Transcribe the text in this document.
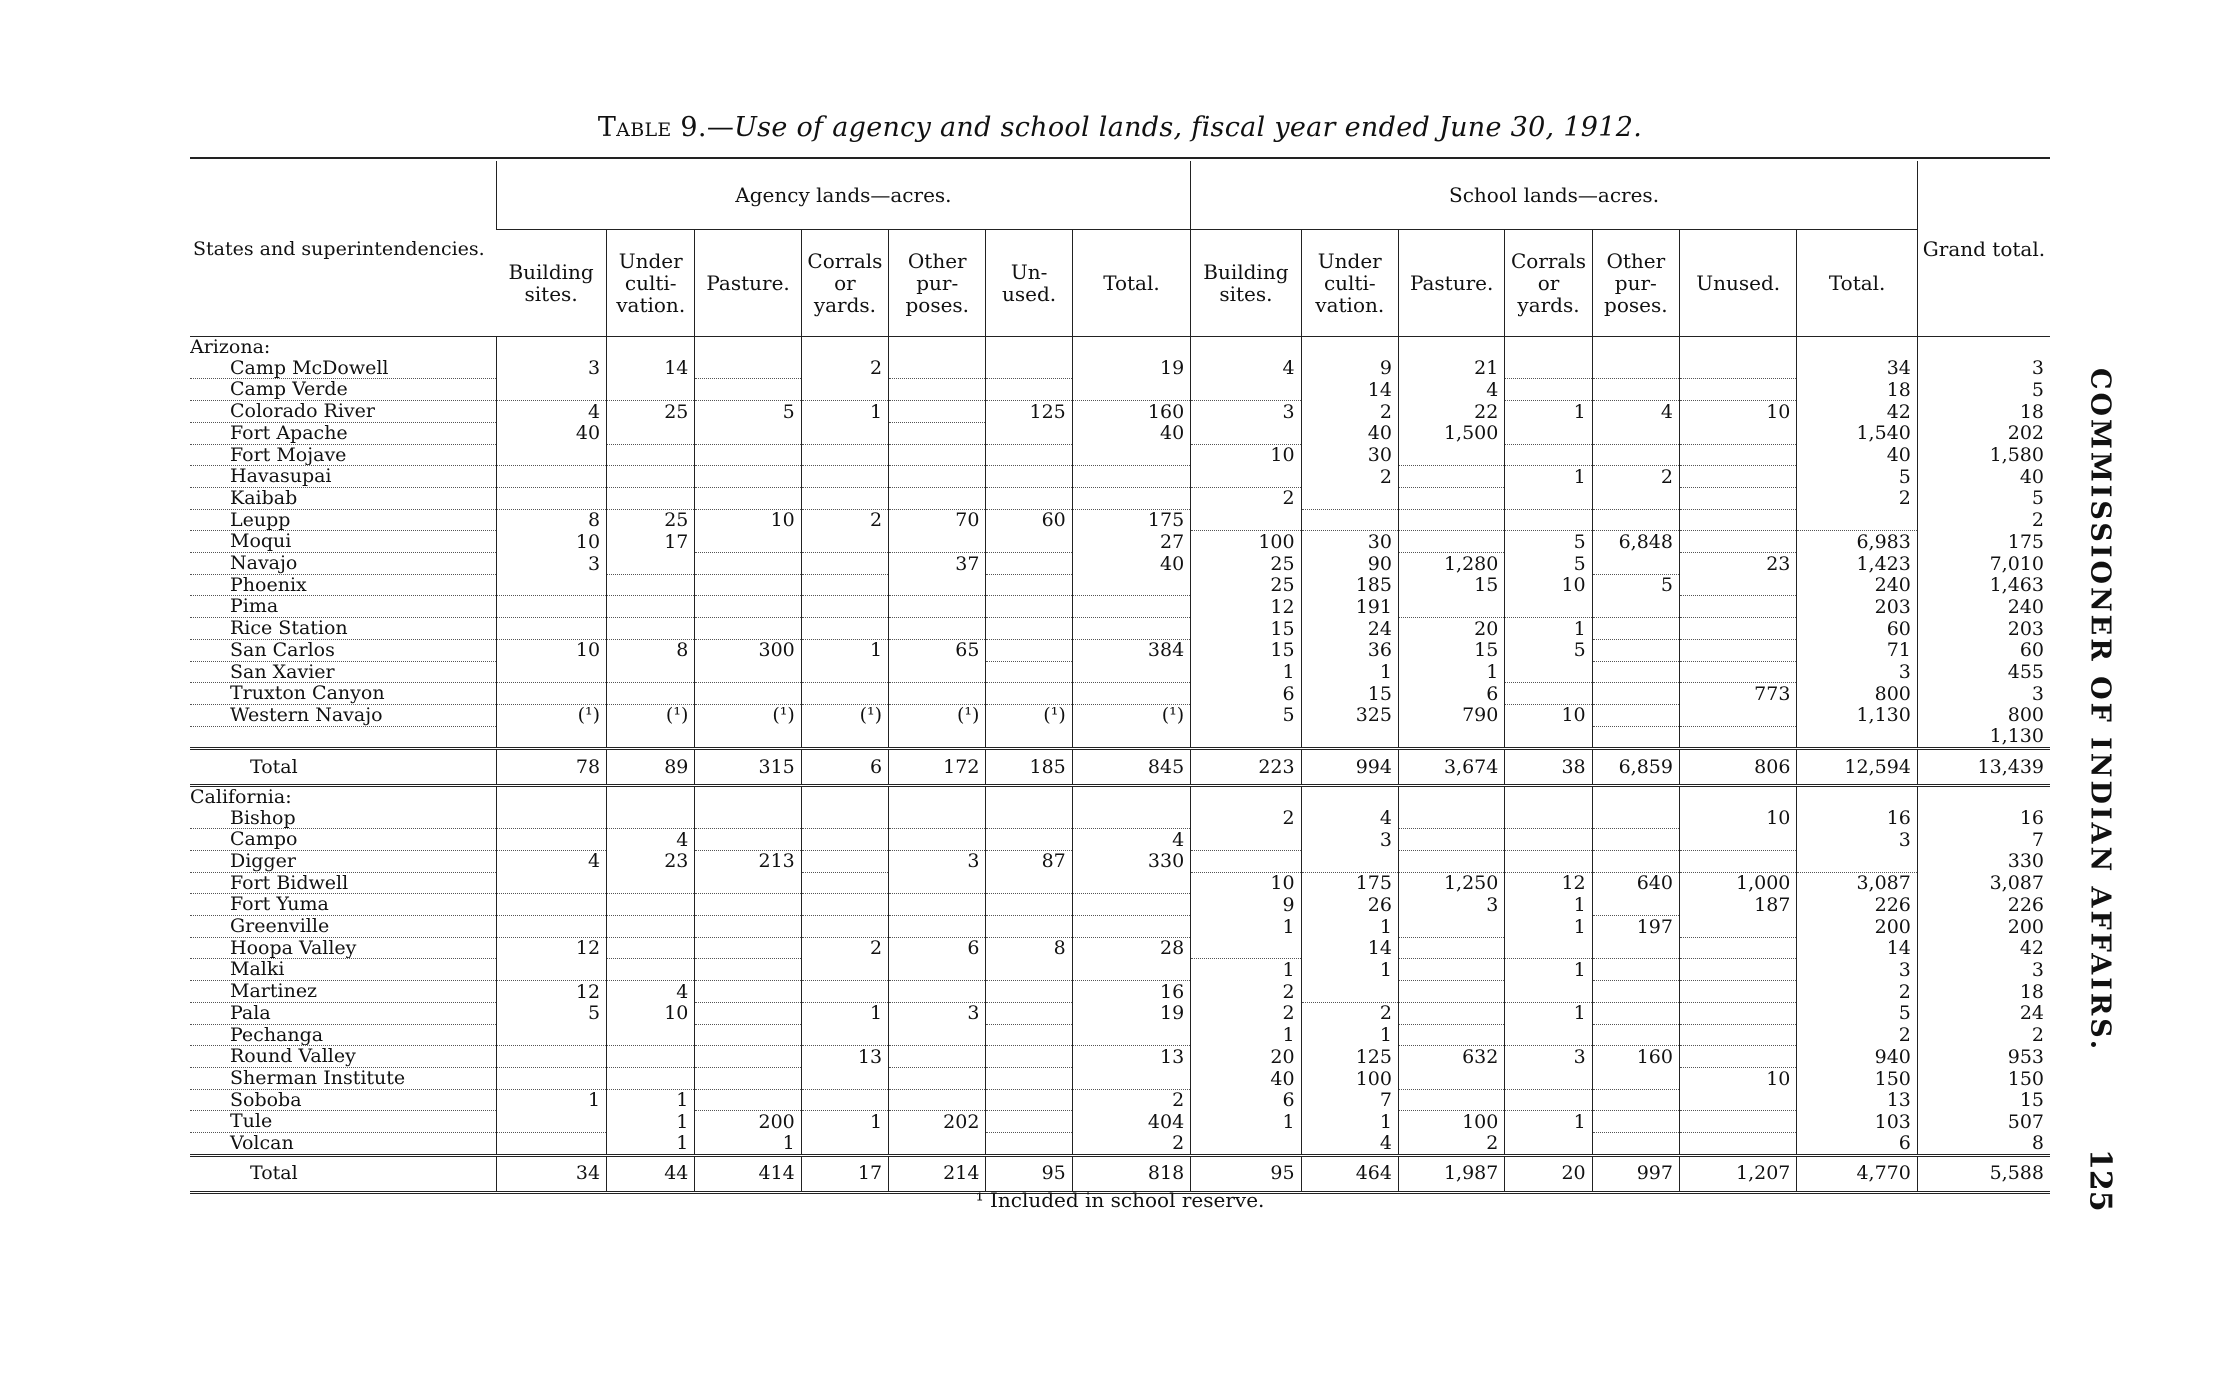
Table 9.—Use of agency and school lands, fiscal year ended June 30, 1912.
States and superintendencies.	Agency lands—acres.							School lands—acres.							Grand total.
	Building sites.	Under culti- vation.	Pasture.	Corrals or yards.	Other pur- poses.	Un- used.	Total.	Building sites.	Under culti- vation.	Pasture.	Corrals or yards.	Other pur- poses.	Unused.	Total.	
Arizona:															
Camp McDowell	3	14		2			19	4	9	21				34	3
Camp Verde									14	4				18	5
Colorado River	4	25	5	1		125	160	3	2	22	1	4	10	42	18
Fort Apache	40						40		40	1,500				1,540	202
Fort Mojave								10	30					40	1,580
Havasupai									2		1	2		5	40
Kaibab								2						2	5
Leupp	8	25	10	2	70	60	175								2
Moqui	10	17					27	100	30		5	6,848		6,983	175
Navajo	3				37		40	25	90	1,280	5		23	1,423	7,010
Phoenix								25	185	15	10	5		240	1,463
Pima								12	191					203	240
Rice Station								15	24	20	1			60	203
San Carlos	10	8	300	1	65		384	15	36	15	5			71	60
San Xavier								1	1	1				3	455
Truxton Canyon								6	15	6			773	800	3
Western Navajo	(¹)	(¹)	(¹)	(¹)	(¹)	(¹)	(¹)	5	325	790	10			1,130	800
															1,130
Total	78	89	315	6	172	185	845	223	994	3,674	38	6,859	806	12,594	13,439
California:															
Bishop								2	4				10	16	16
Campo		4					4		3					3	7
Digger	4	23	213		3	87	330								330
Fort Bidwell								10	175	1,250	12	640	1,000	3,087	3,087
Fort Yuma								9	26	3	1		187	226	226
Greenville								1	1		1	197		200	200
Hoopa Valley	12			2	6	8	28		14					14	42
Malki								1	1		1			3	3
Martinez	12	4					16	2						2	18
Pala	5	10		1	3		19	2	2		1			5	24
Pechanga								1	1					2	2
Round Valley				13			13	20	125	632	3	160		940	953
Sherman Institute								40	100				10	150	150
Soboba	1	1					2	6	7					13	15
Tule		1	200	1	202		404	1	1	100	1			103	507
Volcan		1	1				2		4	2				6	8
Total	34	44	414	17	214	95	818	95	464	1,987	20	997	1,207	4,770	5,588
¹ Included in school reserve.
COMMISSIONER OF INDIAN AFFAIRS.
125
